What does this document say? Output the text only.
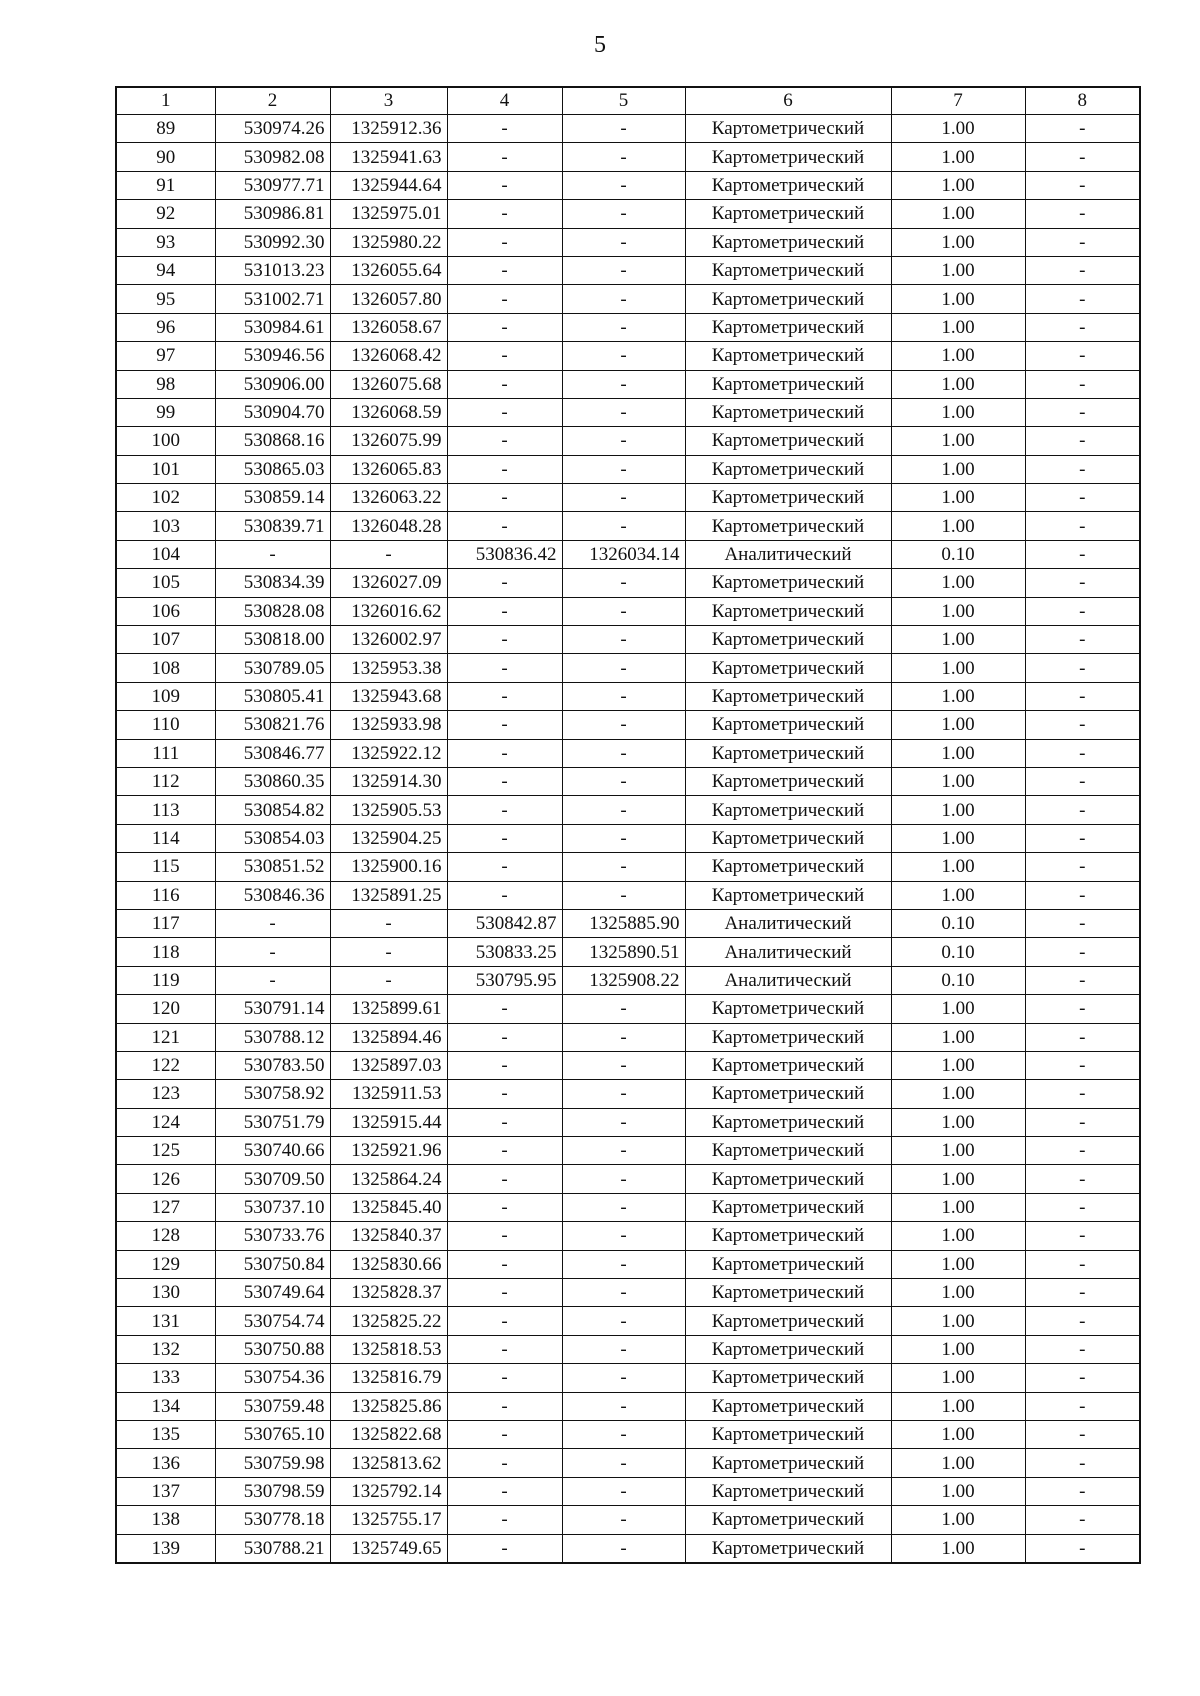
5
1	2	3	4	5	6	7	8
89	530974.26	1325912.36	-	-	Картометрический	1.00	-
90	530982.08	1325941.63	-	-	Картометрический	1.00	-
91	530977.71	1325944.64	-	-	Картометрический	1.00	-
92	530986.81	1325975.01	-	-	Картометрический	1.00	-
93	530992.30	1325980.22	-	-	Картометрический	1.00	-
94	531013.23	1326055.64	-	-	Картометрический	1.00	-
95	531002.71	1326057.80	-	-	Картометрический	1.00	-
96	530984.61	1326058.67	-	-	Картометрический	1.00	-
97	530946.56	1326068.42	-	-	Картометрический	1.00	-
98	530906.00	1326075.68	-	-	Картометрический	1.00	-
99	530904.70	1326068.59	-	-	Картометрический	1.00	-
100	530868.16	1326075.99	-	-	Картометрический	1.00	-
101	530865.03	1326065.83	-	-	Картометрический	1.00	-
102	530859.14	1326063.22	-	-	Картометрический	1.00	-
103	530839.71	1326048.28	-	-	Картометрический	1.00	-
104	-	-	530836.42	1326034.14	Аналитический	0.10	-
105	530834.39	1326027.09	-	-	Картометрический	1.00	-
106	530828.08	1326016.62	-	-	Картометрический	1.00	-
107	530818.00	1326002.97	-	-	Картометрический	1.00	-
108	530789.05	1325953.38	-	-	Картометрический	1.00	-
109	530805.41	1325943.68	-	-	Картометрический	1.00	-
110	530821.76	1325933.98	-	-	Картометрический	1.00	-
111	530846.77	1325922.12	-	-	Картометрический	1.00	-
112	530860.35	1325914.30	-	-	Картометрический	1.00	-
113	530854.82	1325905.53	-	-	Картометрический	1.00	-
114	530854.03	1325904.25	-	-	Картометрический	1.00	-
115	530851.52	1325900.16	-	-	Картометрический	1.00	-
116	530846.36	1325891.25	-	-	Картометрический	1.00	-
117	-	-	530842.87	1325885.90	Аналитический	0.10	-
118	-	-	530833.25	1325890.51	Аналитический	0.10	-
119	-	-	530795.95	1325908.22	Аналитический	0.10	-
120	530791.14	1325899.61	-	-	Картометрический	1.00	-
121	530788.12	1325894.46	-	-	Картометрический	1.00	-
122	530783.50	1325897.03	-	-	Картометрический	1.00	-
123	530758.92	1325911.53	-	-	Картометрический	1.00	-
124	530751.79	1325915.44	-	-	Картометрический	1.00	-
125	530740.66	1325921.96	-	-	Картометрический	1.00	-
126	530709.50	1325864.24	-	-	Картометрический	1.00	-
127	530737.10	1325845.40	-	-	Картометрический	1.00	-
128	530733.76	1325840.37	-	-	Картометрический	1.00	-
129	530750.84	1325830.66	-	-	Картометрический	1.00	-
130	530749.64	1325828.37	-	-	Картометрический	1.00	-
131	530754.74	1325825.22	-	-	Картометрический	1.00	-
132	530750.88	1325818.53	-	-	Картометрический	1.00	-
133	530754.36	1325816.79	-	-	Картометрический	1.00	-
134	530759.48	1325825.86	-	-	Картометрический	1.00	-
135	530765.10	1325822.68	-	-	Картометрический	1.00	-
136	530759.98	1325813.62	-	-	Картометрический	1.00	-
137	530798.59	1325792.14	-	-	Картометрический	1.00	-
138	530778.18	1325755.17	-	-	Картометрический	1.00	-
139	530788.21	1325749.65	-	-	Картометрический	1.00	-
